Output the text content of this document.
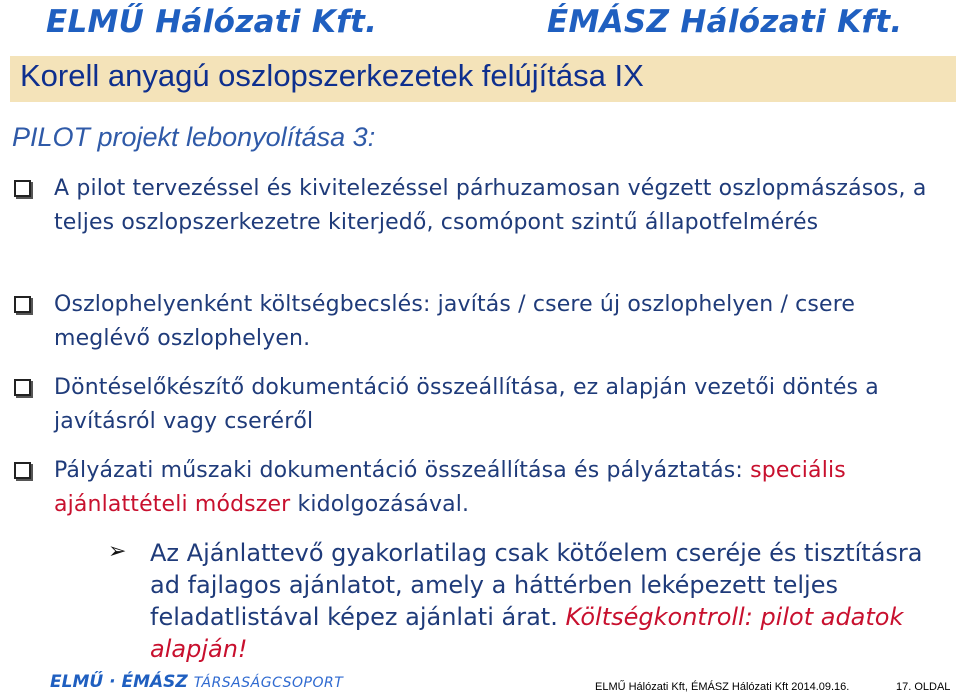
ELMŰ Hálózati Kft.	ÉMÁSZ Hálózati Kft.
Korell anyagú oszlopszerkezetek felújítása IX
PILOT projekt lebonyolítása 3:
A pilot tervezéssel és kivitelezéssel párhuzamosan végzett oszlopmászásos, a teljes oszlopszerkezetre kiterjedő, csomópont szintű állapotfelmérés
Oszlophelyenként költségbecslés: javítás / csere új oszlophelyen / csere meglévő oszlophelyen.
Döntéselőkészítő dokumentáció összeállítása, ez alapján vezetői döntés a javításról vagy cseréről
Pályázati műszaki dokumentáció összeállítása és pályáztatás: speciális ajánlattételi módszer kidolgozásával.
➢ Az Ajánlattevő gyakorlatilag csak kötőelem cseréje és tisztításra ad fajlagos ajánlatot, amely a háttérben leképezett teljes feladatlistával képez ajánlati árat. Költségkontroll: pilot adatok alapján!
ELMŰ · ÉMÁSZ TÁRSASÁGCSOPORT	ELMŰ Hálózati Kft, ÉMÁSZ Hálózati Kft 2014.09.16.	17. OLDAL
